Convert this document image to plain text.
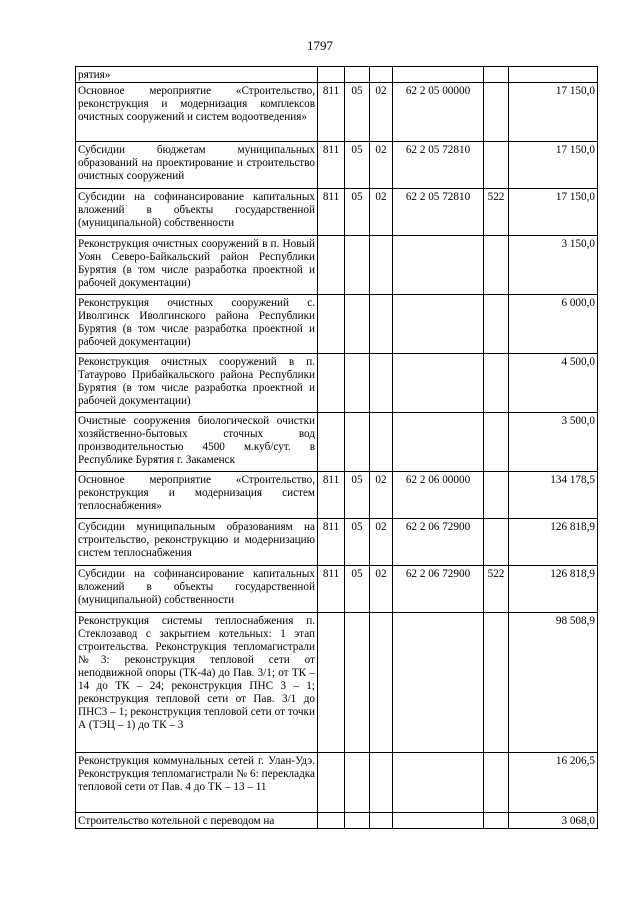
1797
рятия»						
Основное мероприятие «Строительство, реконструкция и модернизация комплексов очистных сооружений и систем водоотведения»	811	05	02	62 2 05 00000		17 150,0
Субсидии бюджетам муниципальных образований на проектирование и строительство очистных сооружений	811	05	02	62 2 05 72810		17 150,0
Субсидии на софинансирование капитальных вложений в объекты государственной (муниципальной) собственности	811	05	02	62 2 05 72810	522	17 150,0
Реконструкция очистных сооружений в п. Новый Уоян Северо-Байкальский район Республики Бурятия (в том числе разработка проектной и рабочей документации)						3 150,0
Реконструкция очистных сооружений с. Иволгинск Иволгинского района Республики Бурятия (в том числе разработка проектной и рабочей документации)						6 000,0
Реконструкция очистных сооружений в п. Татаурово Прибайкальского района Республики Бурятия (в том числе разработка проектной и рабочей документации)						4 500,0
Очистные сооружения биологической очистки хозяйственно-бытовых сточных вод производительностью 4500 м.куб/сут. в Республике Бурятия г. Закаменск						3 500,0
Основное мероприятие «Строительство, реконструкция и модернизация систем теплоснабжения»	811	05	02	62 2 06 00000		134 178,5
Субсидии муниципальным образованиям на строительство, реконструкцию и модернизацию систем теплоснабжения	811	05	02	62 2 06 72900		126 818,9
Субсидии на софинансирование капитальных вложений в объекты государственной (муниципальной) собственности	811	05	02	62 2 06 72900	522	126 818,9
Реконструкция системы теплоснабжения п. Стеклозавод с закрытием котельных: 1 этап строительства. Реконструкция тепломагистрали №3: реконструкция тепловой сети от неподвижной опоры (ТК-4а) до Пав. 3/1; от ТК – 14 до ТК – 24; реконструкция ПНС 3 – 1; реконструкция тепловой сети от Пав. 3/1 до ПНС3 – 1; реконструкция тепловой сети от точки А (ТЭЦ – 1) до ТК – 3						98 508,9
Реконструкция коммунальных сетей г. Улан-Удэ. Реконструкция тепломагистрали № 6: перекладка тепловой сети от Пав. 4 до ТК – 13 – 11						16 206,5
Строительство котельной с переводом на						3 068,0
